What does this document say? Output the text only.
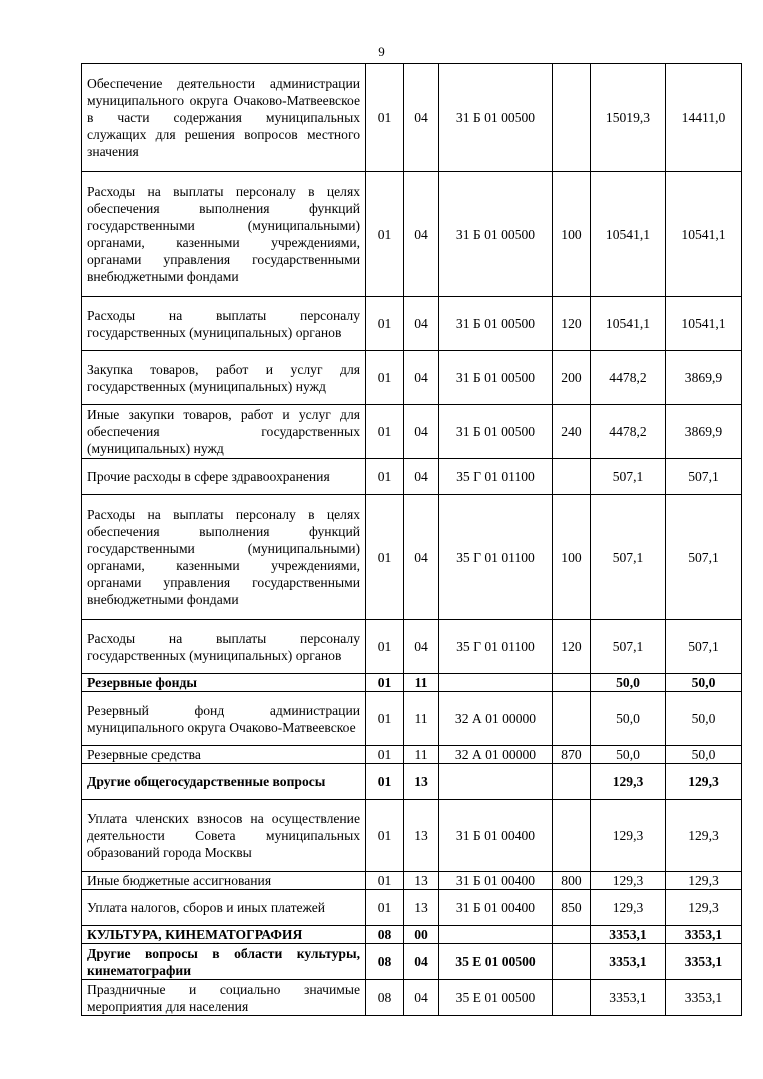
9
Обеспечение деятельности администрации муниципального округа Очаково-Матвеевское в части содержания муниципальных служащих для решения вопросов местного значения	01	04	31 Б 01 00500		15019,3	14411,0
Расходы на выплаты персоналу в целях обеспечения выполнения функций государственными (муниципальными) органами, казенными учреждениями, органами управления государственными внебюджетными фондами	01	04	31 Б 01 00500	100	10541,1	10541,1
Расходы на выплаты персоналу государственных (муниципальных) органов	01	04	31 Б 01 00500	120	10541,1	10541,1
Закупка товаров, работ и услуг для государственных (муниципальных) нужд	01	04	31 Б 01 00500	200	4478,2	3869,9
Иные закупки товаров, работ и услуг для обеспечения государственных (муниципальных) нужд	01	04	31 Б 01 00500	240	4478,2	3869,9
Прочие расходы в сфере здравоохранения	01	04	35 Г 01 01100		507,1	507,1
Расходы на выплаты персоналу в целях обеспечения выполнения функций государственными (муниципальными) органами, казенными учреждениями, органами управления государственными внебюджетными фондами	01	04	35 Г 01 01100	100	507,1	507,1
Расходы на выплаты персоналу государственных (муниципальных) органов	01	04	35 Г 01 01100	120	507,1	507,1
Резервные фонды	01	11			50,0	50,0
Резервный фонд администрации муниципального округа Очаково-Матвеевское	01	11	32 А 01 00000		50,0	50,0
Резервные средства	01	11	32 А 01 00000	870	50,0	50,0
Другие общегосударственные вопросы	01	13			129,3	129,3
Уплата членских взносов на осуществление деятельности Совета муниципальных образований города Москвы	01	13	31 Б 01 00400		129,3	129,3
Иные бюджетные ассигнования	01	13	31 Б 01 00400	800	129,3	129,3
Уплата налогов, сборов и иных платежей	01	13	31 Б 01 00400	850	129,3	129,3
КУЛЬТУРА, КИНЕМАТОГРАФИЯ	08	00			3353,1	3353,1
Другие вопросы в области культуры, кинематографии	08	04	35 Е 01 00500		3353,1	3353,1
Праздничные и социально значимые мероприятия для населения	08	04	35 Е 01 00500		3353,1	3353,1
